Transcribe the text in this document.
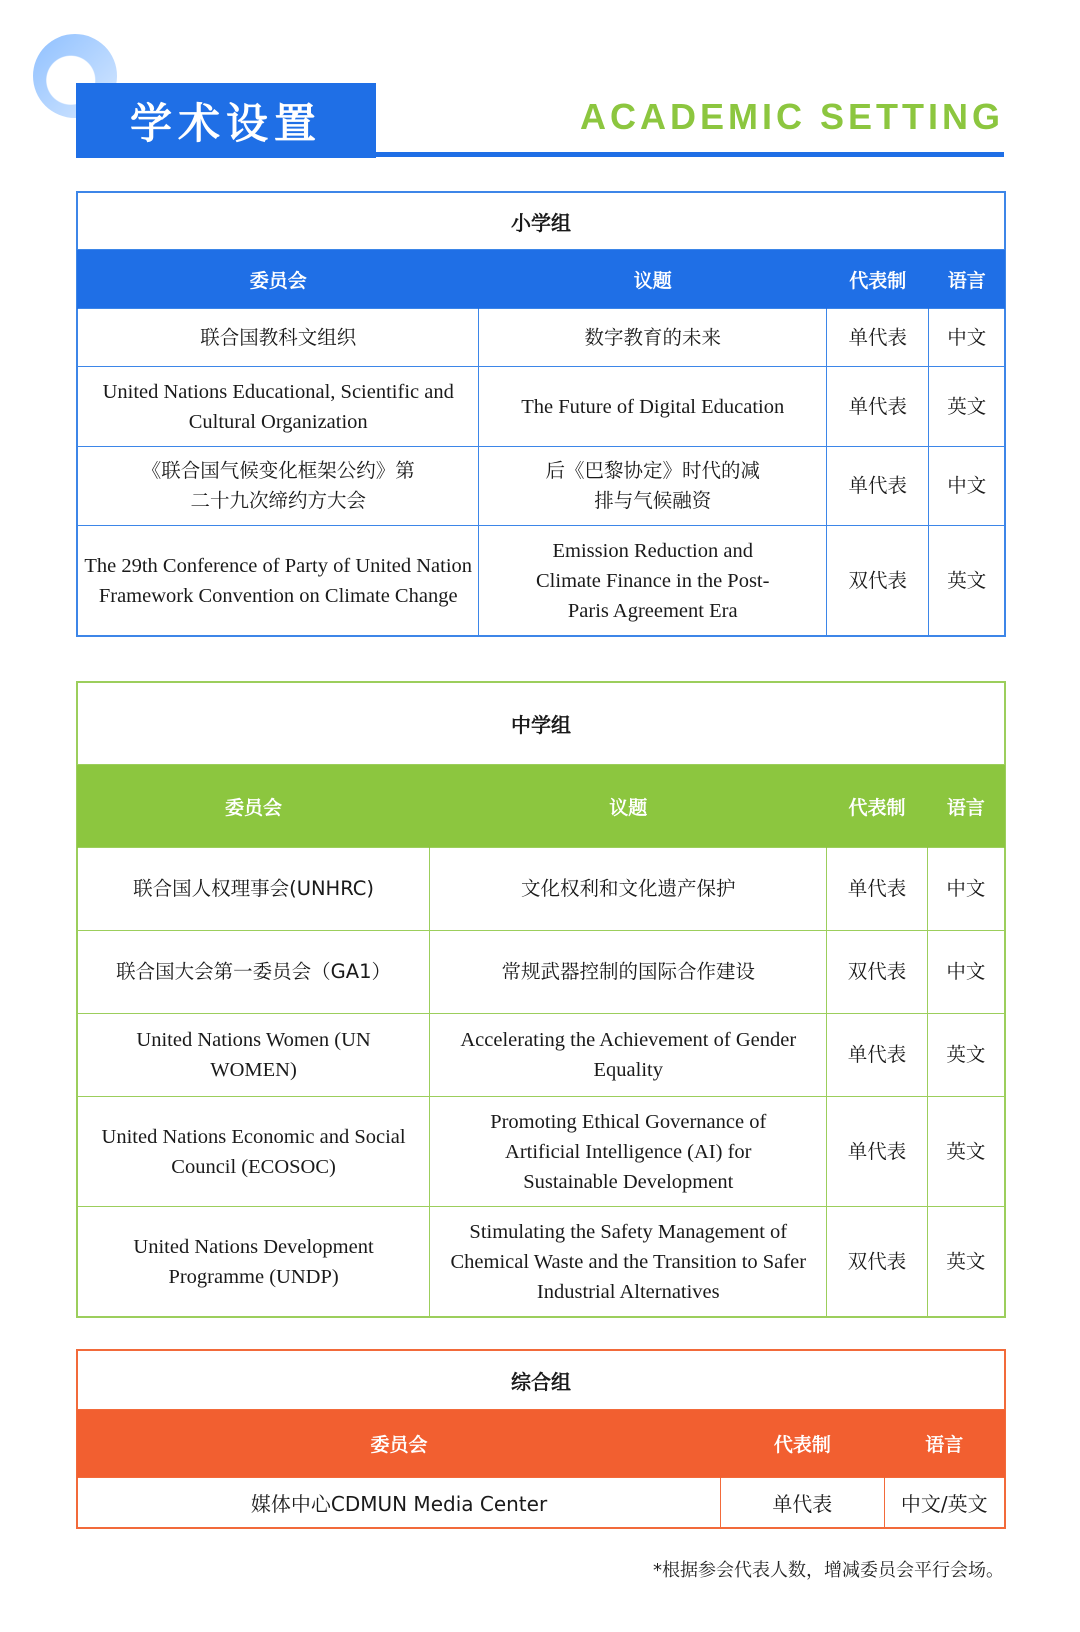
学术设置	ACADEMIC SETTING
小学组			
委员会	议题	代表制	语言
联合国教科文组织	数字教育的未来	单代表	中文
United Nations Educational, Scientific and Cultural Organization	The Future of Digital Education	单代表	英文
《联合国气候变化框架公约》第二十九次缔约方大会	后《巴黎协定》时代的减排与气候融资	单代表	中文
The 29th Conference of Party of United Nation Framework Convention on Climate Change	Emission Reduction and Climate Finance in the Post-Paris Agreement Era	双代表	英文
中学组			
委员会	议题	代表制	语言
联合国人权理事会(UNHRC)	文化权利和文化遗产保护	单代表	中文
联合国大会第一委员会（GA1）	常规武器控制的国际合作建设	双代表	中文
United Nations Women (UN WOMEN)	Accelerating the Achievement of Gender Equality	单代表	英文
United Nations Economic and Social Council (ECOSOC)	Promoting Ethical Governance of Artificial Intelligence (AI) for Sustainable Development	单代表	英文
United Nations Development Programme (UNDP)	Stimulating the Safety Management of Chemical Waste and the Transition to Safer Industrial Alternatives	双代表	英文
综合组		
委员会	代表制	语言
媒体中心CDMUN Media Center	单代表	中文/英文
*根据参会代表人数，增减委员会平行会场。
